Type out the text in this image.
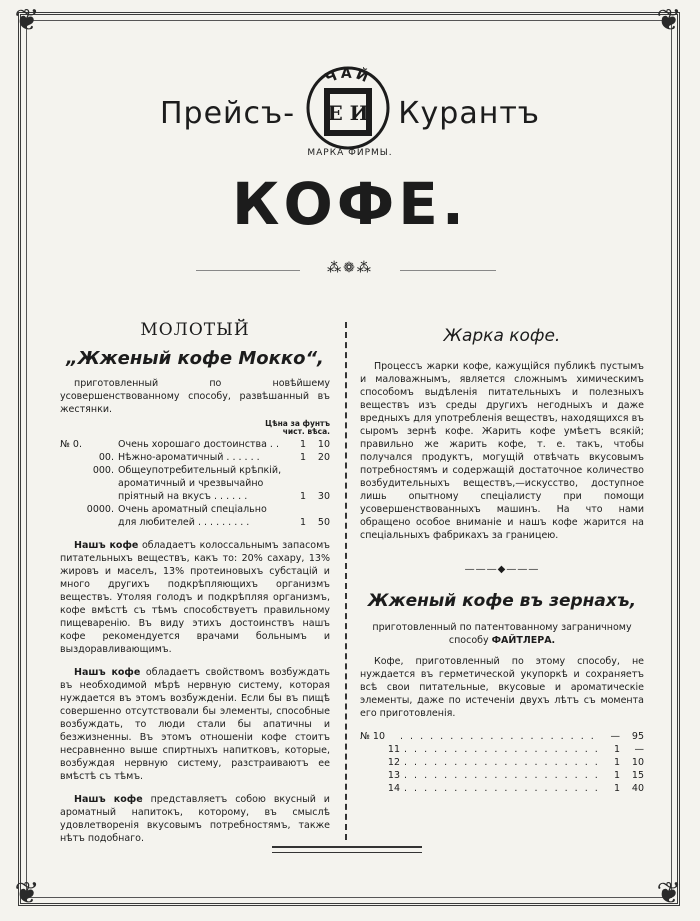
❦	❦
❦	❦
Прейсъ-	Курантъ
ЧАЙ
Е И
МАРКА ФИРМЫ.
КОФЕ.
⁂❁⁂
МОЛОТЫЙ
„Жженый кофе Мокко“,

приготовленный по новѣйшему усовершенствованному способу, развѣшанный въ жестянки.

Цѣна за фунтъ
чист. вѣса.
№ 0.	Очень хорошаго достоинства . .	1	10
00. Нѣжно-ароматичный . . . . . .	1	20
000. Общеупотребительный крѣпкій, ароматичный и чрезвычайно пріятный на вкусъ . . . . . .	1	30
0000. Очень ароматный спеціально для любителей . . . . . . . . .	1	50

Нашъ кофе обладаетъ колоссальнымъ запасомъ питательныхъ веществъ, какъ то: 20% сахару, 13% жировъ и маселъ, 13% протеиновыхъ субстацій и много другихъ подкрѣпляющихъ организмъ веществъ. Утоляя голодъ и подкрѣпляя организмъ, кофе вмѣстѣ съ тѣмъ способствуетъ правильному пищеваренію. Въ виду этихъ достоинствъ нашъ кофе рекомендуется врачами больнымъ и выздоравливающимъ.

Нашъ кофе обладаетъ свойствомъ возбуждать въ необходимой мѣрѣ нервную систему, которая нуждается въ этомъ возбужденіи. Если бы въ пищѣ совершенно отсутствовали бы элементы, способные возбуждать, то люди стали бы апатичны и безжизненны. Въ этомъ отношеніи кофе стоитъ несравненно выше спиртныхъ напитковъ, которые, возбуждая нервную систему, разстраиваютъ ее вмѣстѣ съ тѣмъ.

Нашъ кофе представляетъ собою вкусный и ароматный напитокъ, которому, въ смыслѣ удовлетворенія вкусовымъ потребностямъ, также нѣтъ подобнаго.

Жарка кофе.

Процессъ жарки кофе, кажущійся публикѣ пустымъ и маловажнымъ, является сложнымъ химическимъ способомъ выдѣленія питательныхъ и полезныхъ веществъ изъ среды другихъ негодныхъ и даже вредныхъ для употребленія веществъ, находящихся въ сыромъ зернѣ кофе. Жарить кофе умѣетъ всякій; правильно же жарить кофе, т. е. такъ, чтобы получался продуктъ, могущій отвѣчать вкусовымъ потребностямъ и содержащій достаточное количество возбудительныхъ веществъ,—искусство, доступное лишь опытному спеціалисту при помощи усовершенствованныхъ машинъ. На что нами обращено особое вниманіе и нашъ кофе жарится на спеціальныхъ фабрикахъ за границею.

———◆———
Жженый кофе въ зернахъ,

приготовленный по патентованному заграничному
способу ФАЙТЛЕРА.

Кофе, приготовленный по этому способу, не нуждается въ герметической укупоркѣ и сохраняетъ всѣ свои питательные, вкусовые и ароматическіе элементы, даже по истеченіи двухъ лѣтъ съ момента его приготовленія.

№ 10	. . . . . . . . . . . . . . . . . . . .	—	95
11 . . . . . . . . . . . . . . . . . . . .	1	—
12 . . . . . . . . . . . . . . . . . . . .	1	10
13 . . . . . . . . . . . . . . . . . . . .	1	15
14 . . . . . . . . . . . . . . . . . . . .	1	40
